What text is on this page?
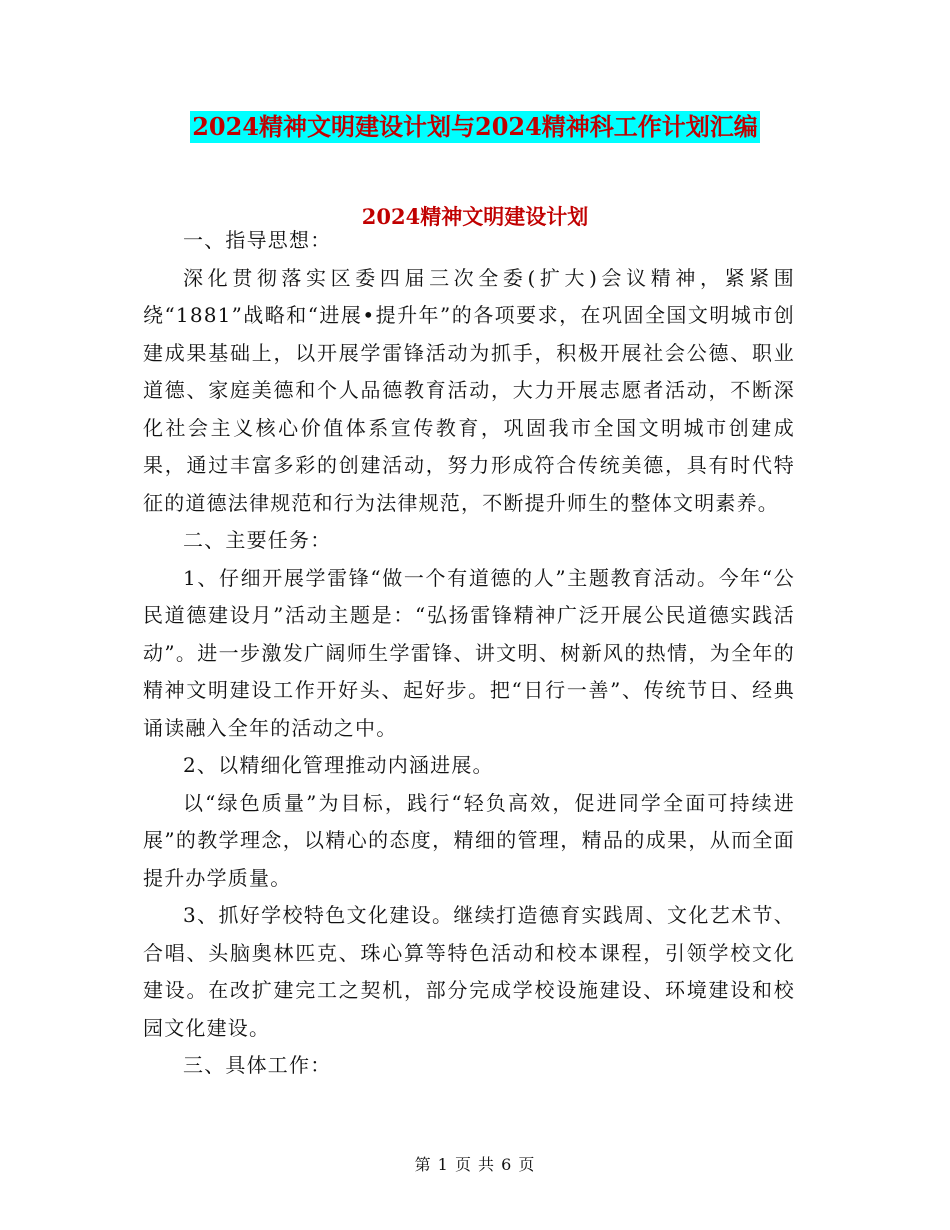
2024精神文明建设计划与2024精神科工作计划汇编
2024精神文明建设计划

一、指导思想：

深化贯彻落实区委四届三次全委(扩大)会议精神，紧紧围绕“1881”战略和“进展•提升年”的各项要求，在巩固全国文明城市创建成果基础上，以开展学雷锋活动为抓手，积极开展社会公德、职业道德、家庭美德和个人品德教育活动，大力开展志愿者活动，不断深化社会主义核心价值体系宣传教育，巩固我市全国文明城市创建成果，通过丰富多彩的创建活动，努力形成符合传统美德，具有时代特征的道德法律规范和行为法律规范，不断提升师生的整体文明素养。

二、主要任务：

1、仔细开展学雷锋“做一个有道德的人”主题教育活动。今年“公民道德建设月”活动主题是：“弘扬雷锋精神广泛开展公民道德实践活动”。进一步激发广阔师生学雷锋、讲文明、树新风的热情，为全年的精神文明建设工作开好头、起好步。把“日行一善”、传统节日、经典诵读融入全年的活动之中。

2、以精细化管理推动内涵进展。

以“绿色质量”为目标，践行“轻负高效，促进同学全面可持续进展”的教学理念，以精心的态度，精细的管理，精品的成果，从而全面提升办学质量。

3、抓好学校特色文化建设。继续打造德育实践周、文化艺术节、合唱、头脑奥林匹克、珠心算等特色活动和校本课程，引领学校文化建设。在改扩建完工之契机，部分完成学校设施建设、环境建设和校园文化建设。

三、具体工作：

第 1 页 共 6 页
